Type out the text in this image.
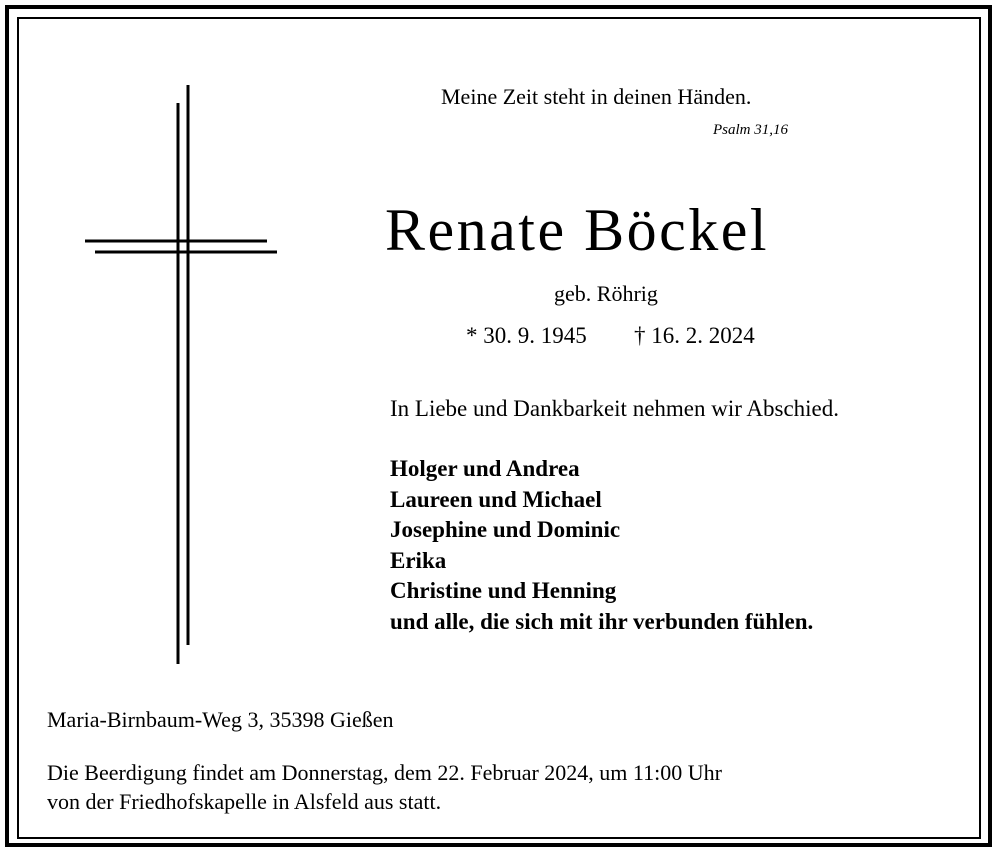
Meine Zeit steht in deinen Händen.
Psalm 31,16
Renate Böckel
geb. Röhrig
* 30. 9. 1945 † 16. 2. 2024
In Liebe und Dankbarkeit nehmen wir Abschied.
Holger und Andrea
Laureen und Michael
Josephine und Dominic
Erika
Christine und Henning
und alle, die sich mit ihr verbunden fühlen.
Maria-Birnbaum-Weg 3, 35398 Gießen
Die Beerdigung findet am Donnerstag, dem 22. Februar 2024, um 11:00 Uhr
von der Friedhofskapelle in Alsfeld aus statt.
